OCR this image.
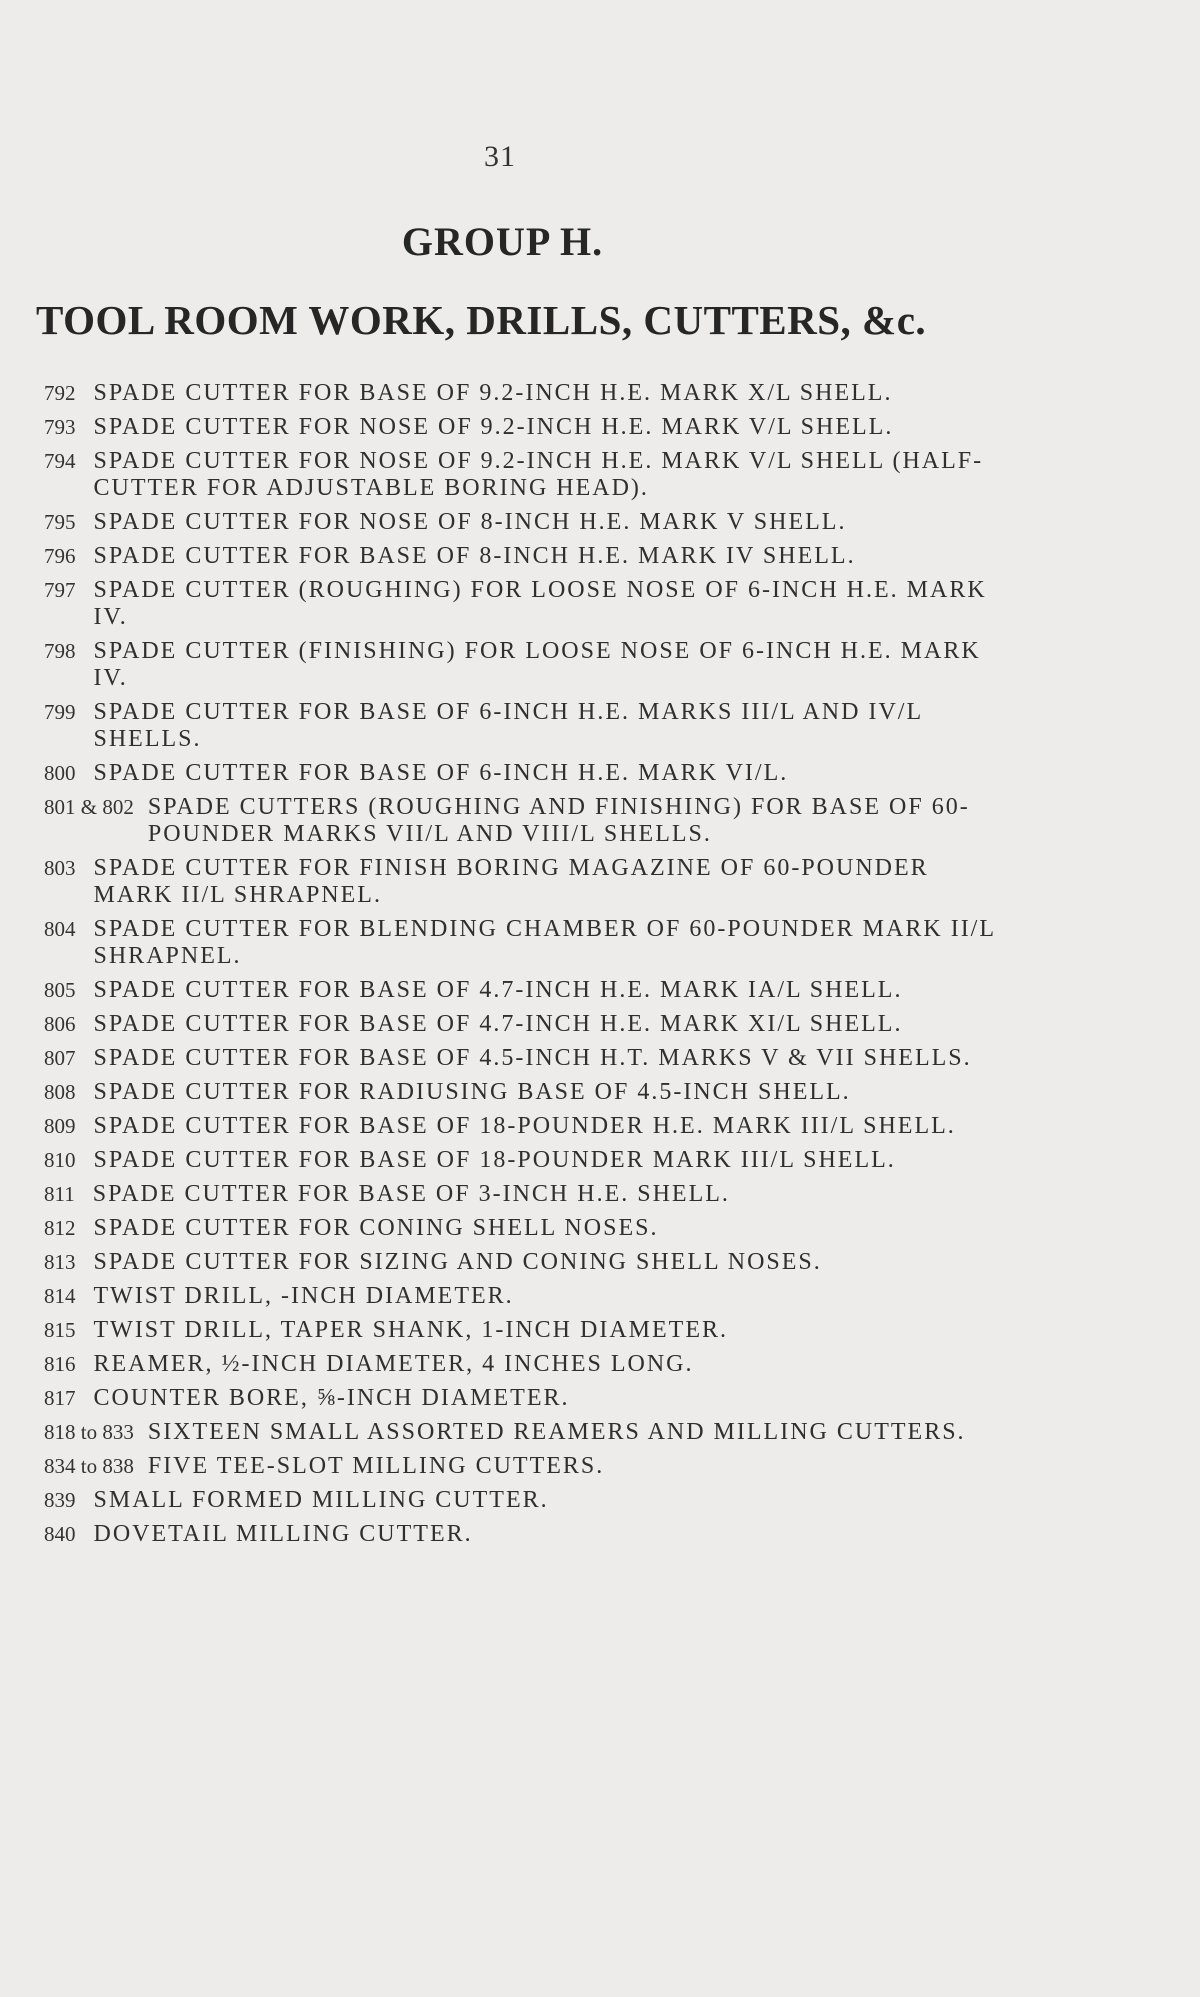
31
GROUP H.
TOOL ROOM WORK, DRILLS, CUTTERS, &c.
792 SPADE CUTTER FOR BASE OF 9.2-INCH H.E. MARK X/L SHELL.
793 SPADE CUTTER FOR NOSE OF 9.2-INCH H.E. MARK V/L SHELL.
794 SPADE CUTTER FOR NOSE OF 9.2-INCH H.E. MARK V/L SHELL (HALF-CUTTER FOR ADJUSTABLE BORING HEAD).
795 SPADE CUTTER FOR NOSE OF 8-INCH H.E. MARK V SHELL.
796 SPADE CUTTER FOR BASE OF 8-INCH H.E. MARK IV SHELL.
797 SPADE CUTTER (ROUGHING) FOR LOOSE NOSE OF 6-INCH H.E. MARK IV.
798 SPADE CUTTER (FINISHING) FOR LOOSE NOSE OF 6-INCH H.E. MARK IV.
799 SPADE CUTTER FOR BASE OF 6-INCH H.E. MARKS III/L AND IV/L SHELLS.
800 SPADE CUTTER FOR BASE OF 6-INCH H.E. MARK VI/L.
801 & 802 SPADE CUTTERS (ROUGHING AND FINISHING) FOR BASE OF 60-POUNDER MARKS VII/L AND VIII/L SHELLS.
803 SPADE CUTTER FOR FINISH BORING MAGAZINE OF 60-POUNDER MARK II/L SHRAPNEL.
804 SPADE CUTTER FOR BLENDING CHAMBER OF 60-POUNDER MARK II/L SHRAPNEL.
805 SPADE CUTTER FOR BASE OF 4.7-INCH H.E. MARK IA/L SHELL.
806 SPADE CUTTER FOR BASE OF 4.7-INCH H.E. MARK XI/L SHELL.
807 SPADE CUTTER FOR BASE OF 4.5-INCH H.T. MARKS V & VII SHELLS.
808 SPADE CUTTER FOR RADIUSING BASE OF 4.5-INCH SHELL.
809 SPADE CUTTER FOR BASE OF 18-POUNDER H.E. MARK III/L SHELL.
810 SPADE CUTTER FOR BASE OF 18-POUNDER MARK III/L SHELL.
811 SPADE CUTTER FOR BASE OF 3-INCH H.E. SHELL.
812 SPADE CUTTER FOR CONING SHELL NOSES.
813 SPADE CUTTER FOR SIZING AND CONING SHELL NOSES.
814 TWIST DRILL, -INCH DIAMETER.
815 TWIST DRILL, TAPER SHANK, 1-INCH DIAMETER.
816 REAMER, ½-INCH DIAMETER, 4 INCHES LONG.
817 COUNTER BORE, ⅝-INCH DIAMETER.
818 to 833 SIXTEEN SMALL ASSORTED REAMERS AND MILLING CUTTERS.
834 to 838 FIVE TEE-SLOT MILLING CUTTERS.
839 SMALL FORMED MILLING CUTTER.
840 DOVETAIL MILLING CUTTER.
